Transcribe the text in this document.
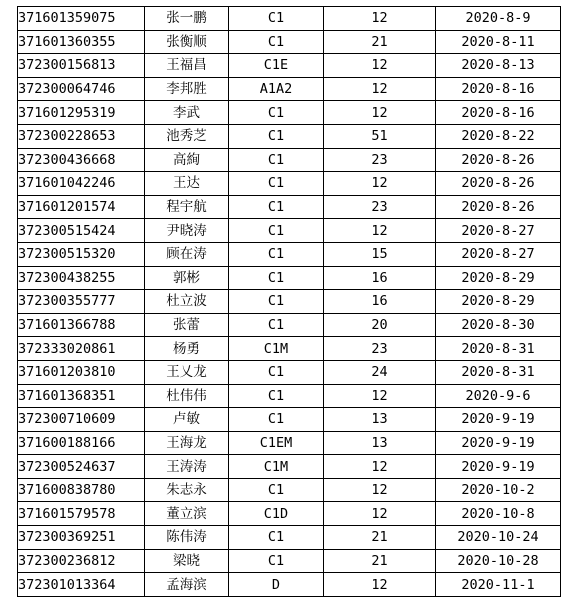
371601359075	张一鹏	C1	12	2020-8-9
371601360355	张衡顺	C1	21	2020-8-11
372300156813	王福昌	C1E	12	2020-8-13
372300064746	李邦胜	A1A2	12	2020-8-16
371601295319	李武	C1	12	2020-8-16
372300228653	池秀芝	C1	51	2020-8-22
372300436668	高絢	C1	23	2020-8-26
371601042246	王达	C1	12	2020-8-26
371601201574	程宇航	C1	23	2020-8-26
372300515424	尹晓涛	C1	12	2020-8-27
372300515320	顾在涛	C1	15	2020-8-27
372300438255	郭彬	C1	16	2020-8-29
372300355777	杜立波	C1	16	2020-8-29
371601366788	张蕾	C1	20	2020-8-30
372333020861	杨勇	C1M	23	2020-8-31
371601203810	王乂龙	C1	24	2020-8-31
371601368351	杜伟伟	C1	12	2020-9-6
372300710609	卢敏	C1	13	2020-9-19
371600188166	王海龙	C1EM	13	2020-9-19
372300524637	王涛涛	C1M	12	2020-9-19
371600838780	朱志永	C1	12	2020-10-2
371601579578	董立滨	C1D	12	2020-10-8
372300369251	陈伟涛	C1	21	2020-10-24
372300236812	梁晓	C1	21	2020-10-28
372301013364	孟海滨	D	12	2020-11-1
